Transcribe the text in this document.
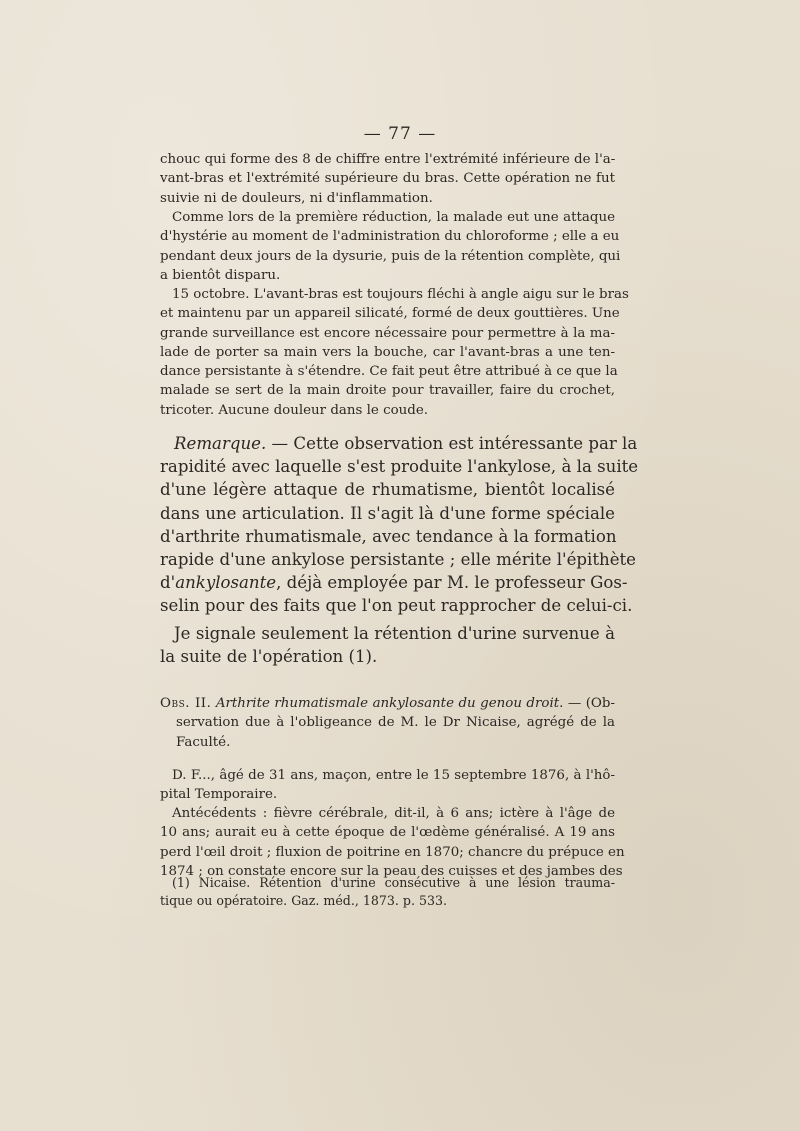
— 77 —
chouc qui forme des 8 de chiffre entre l'extrémité inférieure de l'a-
vant-bras et l'extrémité supérieure du bras. Cette opération ne fut
suivie ni de douleurs, ni d'inflammation.
Comme lors de la première réduction, la malade eut une attaque
d'hystérie au moment de l'administration du chloroforme ; elle a eu
pendant deux jours de la dysurie, puis de la rétention complète, qui
a bientôt disparu.
15 octobre. L'avant-bras est toujours fléchi à angle aigu sur le bras
et maintenu par un appareil silicaté, formé de deux gouttières. Une
grande surveillance est encore nécessaire pour permettre à la ma-
lade de porter sa main vers la bouche, car l'avant-bras a une ten-
dance persistante à s'étendre. Ce fait peut être attribué à ce que la
malade se sert de la main droite pour travailler, faire du crochet,
tricoter. Aucune douleur dans le coude.
Remarque. — Cette observation est intéressante par la
rapidité avec laquelle s'est produite l'ankylose, à la suite
d'une légère attaque de rhumatisme, bientôt localisé
dans une articulation. Il s'agit là d'une forme spéciale
d'arthrite rhumatismale, avec tendance à la formation
rapide d'une ankylose persistante ; elle mérite l'épithète
d'ankylosante, déjà employée par M. le professeur Gos-
selin pour des faits que l'on peut rapprocher de celui-ci.
Je signale seulement la rétention d'urine survenue à
la suite de l'opération (1).
Obs. II. Arthrite rhumatismale ankylosante du genou droit. — (Ob-
servation due à l'obligeance de M. le Dr Nicaise, agrégé de la
Faculté.
D. F..., âgé de 31 ans, maçon, entre le 15 septembre 1876, à l'hô-
pital Temporaire.
Antécédents : fièvre cérébrale, dit-il, à 6 ans; ictère à l'âge de
10 ans; aurait eu à cette époque de l'œdème généralisé. A 19 ans
perd l'œil droit ; fluxion de poitrine en 1870; chancre du prépuce en
1874 ; on constate encore sur la peau des cuisses et des jambes des
(1) Nicaise. Rétention d'urine consécutive à une lésion trauma-
tique ou opératoire. Gaz. méd., 1873. p. 533.
